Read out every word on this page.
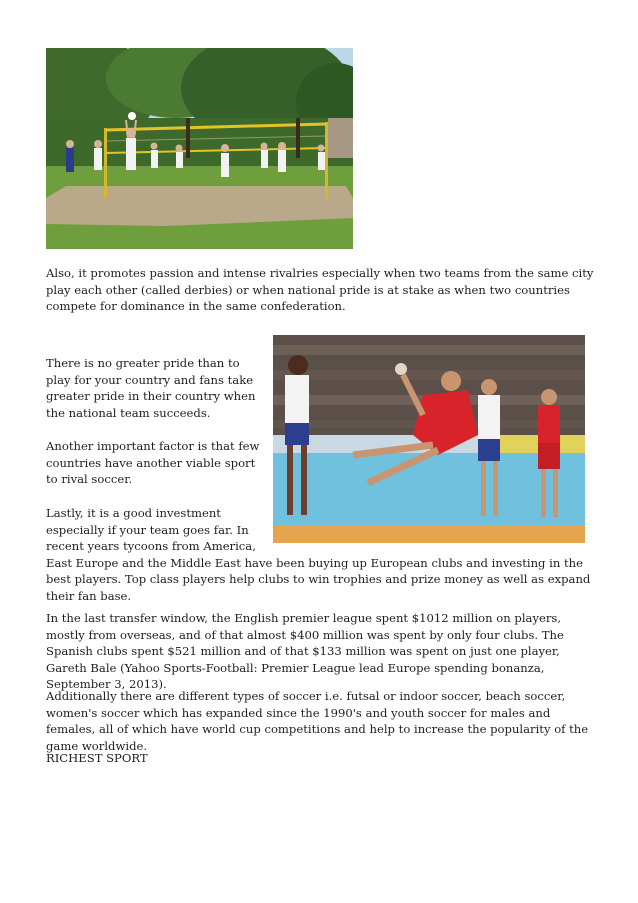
Also, it promotes passion and intense rivalries especially when two teams from the same city play each other (called derbies) or when national pride is at stake as when two countries compete for dominance in the same confederation.

There is no greater pride than to play for your country and fans take greater pride in their country when the national team succeeds.

Another important factor is that few countries have another viable sport to rival soccer.

Lastly, it is a good investment especially if your team goes far. In recent years tycoons from America, East Europe and the Middle East have been buying up European clubs and investing in the best players. Top class players help clubs to win trophies and prize money as well as expand their fan base.

In the last transfer window, the English premier league spent $1012 million on players, mostly from overseas, and of that almost $400 million was spent by only four clubs. The Spanish clubs spent $521 million and of that $133 million was spent on just one player, Gareth Bale (Yahoo Sports-Football: Premier League lead Europe spending bonanza, September 3, 2013).

Additionally there are different types of soccer i.e. futsal or indoor soccer, beach soccer, women's soccer which has expanded since the 1990's and youth soccer for males and females, all of which have world cup competitions and help to increase the popularity of the game worldwide.

RICHEST SPORT
